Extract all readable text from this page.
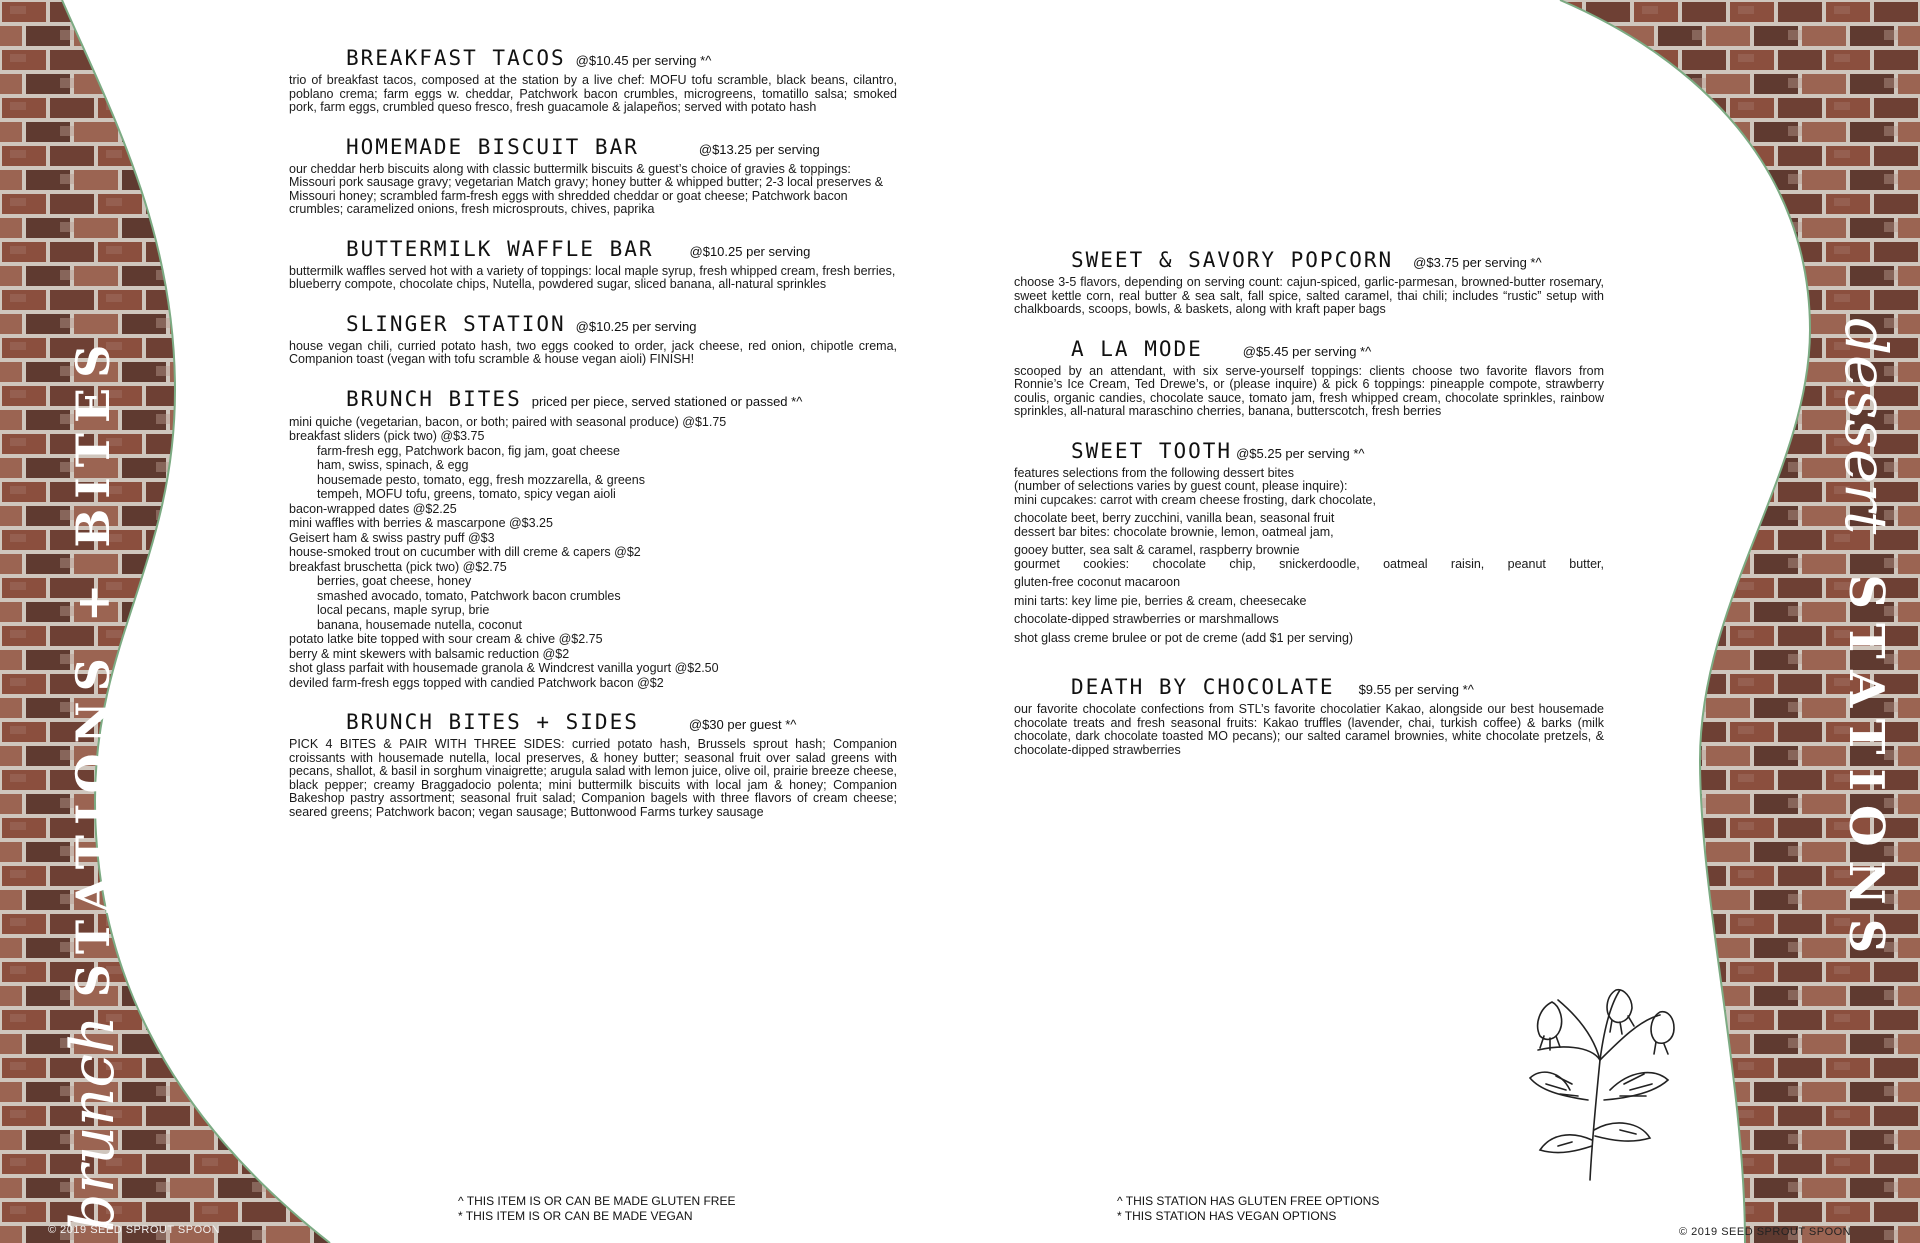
brunchSTATIONS + BITES	dessertSTATIONS
BREAKFAST TACOS @$10.45 per serving *^
trio of breakfast tacos, composed at the station by a live chef: MOFU tofu scramble, black beans, cilantro, poblano crema; farm eggs w. cheddar, Patchwork bacon crumbles, microgreens, tomatillo salsa; smoked pork, farm eggs, crumbled queso fresco, fresh guacamole & jalapeños; served with potato hash
HOMEMADE BISCUIT BAR	@$13.25 per serving
our cheddar herb biscuits along with classic buttermilk biscuits & guest’s choice of gravies & toppings: Missouri pork sausage gravy; vegetarian Match gravy; honey butter & whipped butter; 2-3 local preserves & Missouri honey; scrambled farm-fresh eggs with shredded cheddar or goat cheese; Patchwork bacon crumbles; caramelized onions, fresh microsprouts, chives, paprika
BUTTERMILK WAFFLE BAR	@$10.25 per serving
buttermilk waffles served hot with a variety of toppings: local maple syrup, fresh whipped cream, fresh berries, blueberry compote, chocolate chips, Nutella, powdered sugar, sliced banana, all-natural sprinkles
SLINGER STATION @$10.25 per serving
house vegan chili, curried potato hash, two eggs cooked to order, jack cheese, red onion, chipotle crema, Companion toast (vegan with tofu scramble & house vegan aioli) FINISH!
BRUNCH BITES priced per piece, served stationed or passed *^
mini quiche (vegetarian, bacon, or both; paired with seasonal produce) @$1.75
breakfast sliders (pick two) @$3.75
farm-fresh egg, Patchwork bacon, fig jam, goat cheese
ham, swiss, spinach, & egg
housemade pesto, tomato, egg, fresh mozzarella, & greens
tempeh, MOFU tofu, greens, tomato, spicy vegan aioli
bacon-wrapped dates @$2.25
mini waffles with berries & mascarpone @$3.25
Geisert ham & swiss pastry puff @$3
house-smoked trout on cucumber with dill creme & capers @$2
breakfast bruschetta (pick two) @$2.75
berries, goat cheese, honey
smashed avocado, tomato, Patchwork bacon crumbles
local pecans, maple syrup, brie
banana, housemade nutella, coconut
potato latke bite topped with sour cream & chive @$2.75
berry & mint skewers with balsamic reduction @$2
shot glass parfait with housemade granola & Windcrest vanilla yogurt @$2.50
deviled farm-fresh eggs topped with candied Patchwork bacon @$2
BRUNCH BITES + SIDES	@$30 per guest *^
PICK 4 BITES & PAIR WITH THREE SIDES: curried potato hash, Brussels sprout hash; Companion croissants with housemade nutella, local preserves, & honey butter; seasonal fruit over salad greens with pecans, shallot, & basil in sorghum vinaigrette; arugula salad with lemon juice, olive oil, prairie breeze cheese, black pepper; creamy Braggadocio polenta; mini buttermilk biscuits with local jam & honey; Companion Bakeshop pastry assortment; seasonal fruit salad; Companion bagels with three flavors of cream cheese; seared greens; Patchwork bacon; vegan sausage; Buttonwood Farms turkey sausage
SWEET & SAVORY POPCORN @$3.75 per serving *^
choose 3-5 flavors, depending on serving count: cajun-spiced, garlic-parmesan, browned-butter rosemary, sweet kettle corn, real butter & sea salt, fall spice, salted caramel, thai chili; includes “rustic” setup with chalkboards, scoops, bowls, & baskets, along with kraft paper bags
A LA MODE	@$5.45 per serving *^
scooped by an attendant, with six serve-yourself toppings: clients choose two favorite flavors from Ronnie’s Ice Cream, Ted Drewe’s, or (please inquire) & pick 6 toppings: pineapple compote, strawberry coulis, organic candies, chocolate sauce, tomato jam, fresh whipped cream, chocolate sprinkles, rainbow sprinkles, all-natural maraschino cherries, banana, butterscotch, fresh berries
SWEET TOOTH @$5.25 per serving *^
features selections from the following dessert bites
(number of selections varies by guest count, please inquire):
mini cupcakes: carrot with cream cheese frosting, dark chocolate,
chocolate beet, berry zucchini, vanilla bean, seasonal fruit
dessert bar bites: chocolate brownie, lemon, oatmeal jam,
gooey butter, sea salt & caramel, raspberry brownie
gourmet cookies: chocolate chip, snickerdoodle, oatmeal raisin, peanut butter,
gluten-free coconut macaroon
mini tarts: key lime pie, berries & cream, cheesecake
chocolate-dipped strawberries or marshmallows
shot glass creme brulee or pot de creme (add $1 per serving)
DEATH BY CHOCOLATE $9.55 per serving *^
our favorite chocolate confections from STL’s favorite chocolatier Kakao, alongside our best housemade chocolate treats and fresh seasonal fruits: Kakao truffles (lavender, chai, turkish coffee) & barks (milk chocolate, dark chocolate toasted MO pecans); our salted caramel brownies, white chocolate pretzels, & chocolate-dipped strawberries
^ THIS ITEM IS OR CAN BE MADE GLUTEN FREE
* THIS ITEM IS OR CAN BE MADE VEGAN
^ THIS STATION HAS GLUTEN FREE OPTIONS
* THIS STATION HAS VEGAN OPTIONS
© 2019 SEED SPROUT SPOON	© 2019 SEED SPROUT SPOON
